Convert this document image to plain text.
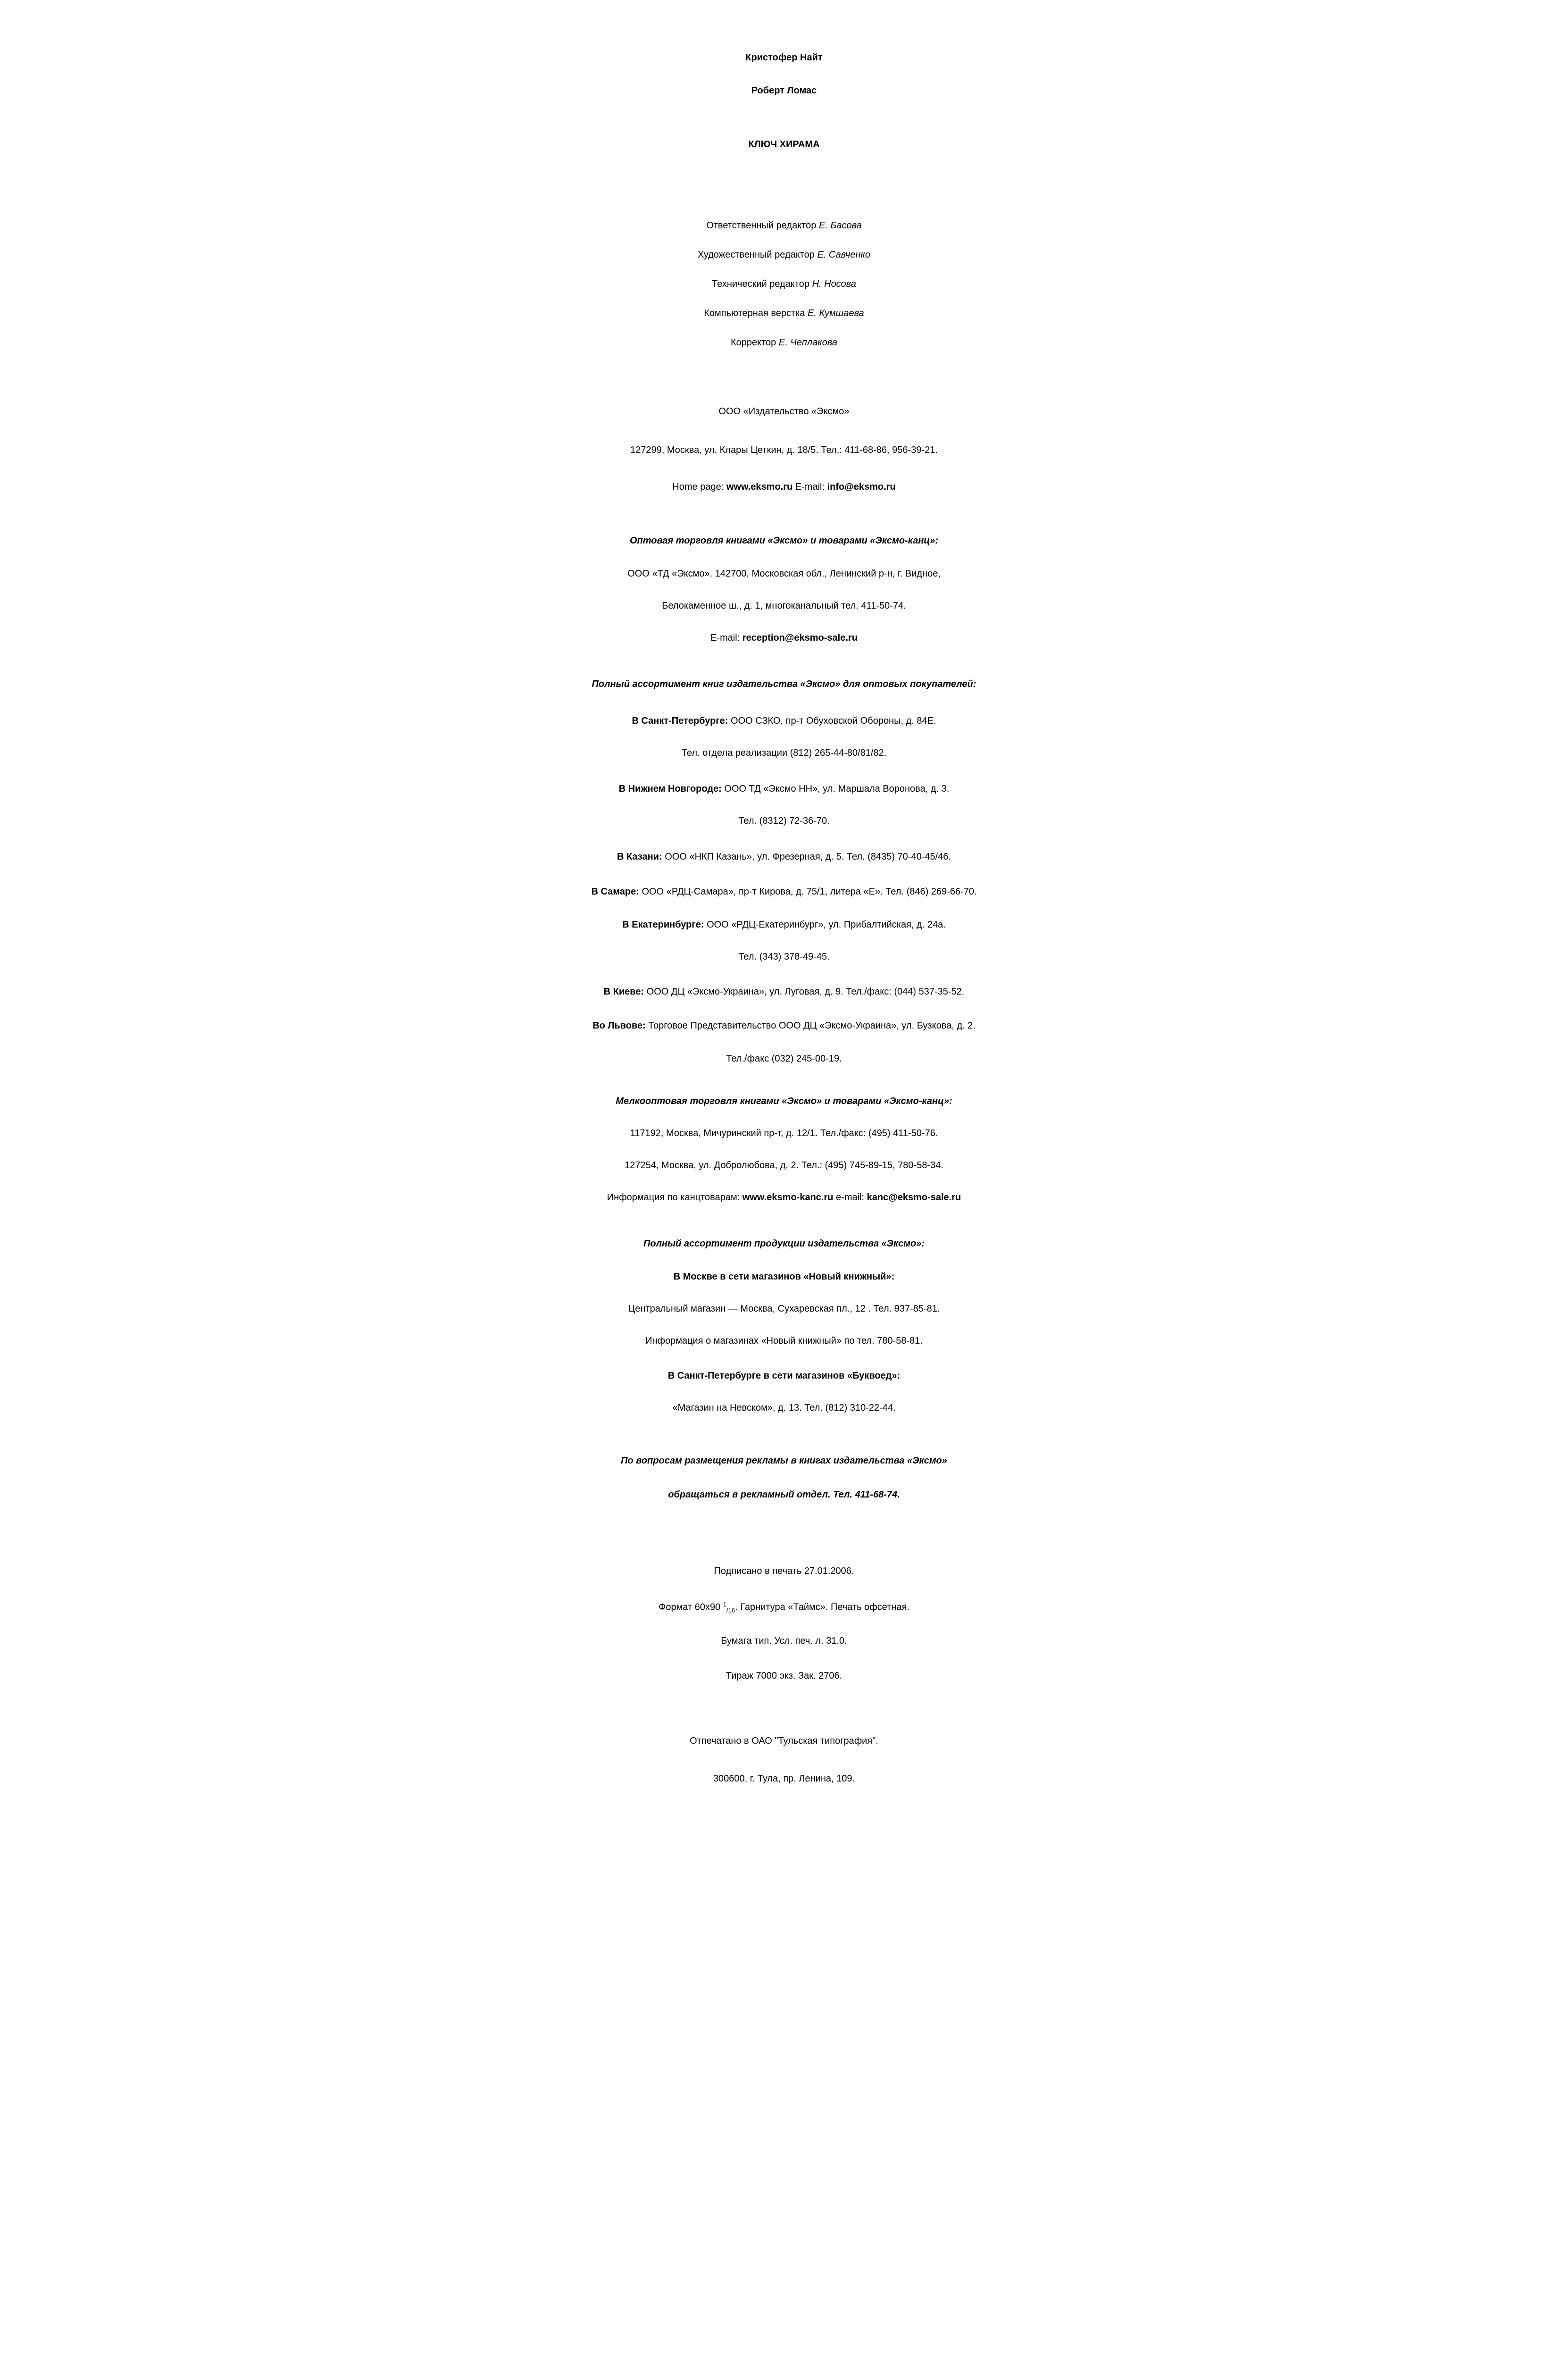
Кристофер Найт
Роберт Ломас
КЛЮЧ ХИРАМА
Ответственный редактор Е. Басова
Художественный редактор Е. Савченко
Технический редактор Н. Носова
Компьютерная верстка Е. Кумшаева
Корректор Е. Чеплакова
ООО «Издательство «Эксмо»
127299, Москва, ул. Клары Цеткин, д. 18/5. Тел.: 411-68-86, 956-39-21.
Home page: www.eksmo.ru E-mail: info@eksmo.ru
Оптовая торговля книгами «Эксмо» и товарами «Эксмо-канц»:
ООО «ТД «Эксмо». 142700, Московская обл., Ленинский р-н, г. Видное,
Белокаменное ш., д. 1, многоканальный тел. 411-50-74.
E-mail: reception@eksmo-sale.ru
Полный ассортимент книг издательства «Эксмо» для оптовых покупателей:
В Санкт-Петербурге: ООО СЗКО, пр-т Обуховской Обороны, д. 84Е.
Тел. отдела реализации (812) 265-44-80/81/82.
В Нижнем Новгороде: ООО ТД «Эксмо НН», ул. Маршала Воронова, д. 3.
Тел. (8312) 72-36-70.
В Казани: ООО «НКП Казань», ул. Фрезерная, д. 5. Тел. (8435) 70-40-45/46.
В Самаре: ООО «РДЦ-Самара», пр-т Кирова, д. 75/1, литера «Е». Тел. (846) 269-66-70.
В Екатеринбурге: ООО «РДЦ-Екатеринбург», ул. Прибалтийская, д. 24а.
Тел. (343) 378-49-45.
В Киеве: ООО ДЦ «Эксмо-Украина», ул. Луговая, д. 9. Тел./факс: (044) 537-35-52.
Во Львове: Торговое Представительство ООО ДЦ «Эксмо-Украина», ул. Бузкова, д. 2.
Тел./факс (032) 245-00-19.
Мелкооптовая торговля книгами «Эксмо» и товарами «Эксмо-канц»:
117192, Москва, Мичуринский пр-т, д. 12/1. Тел./факс: (495) 411-50-76.
127254, Москва, ул. Добролюбова, д. 2. Тел.: (495) 745-89-15, 780-58-34.
Информация по канцтоварам: www.eksmo-kanc.ru e-mail: kanc@eksmo-sale.ru
Полный ассортимент продукции издательства «Эксмо»:
В Москве в сети магазинов «Новый книжный»:
Центральный магазин — Москва, Сухаревская пл., 12 . Тел. 937-85-81.
Информация о магазинах «Новый книжный» по тел. 780-58-81.
В Санкт-Петербурге в сети магазинов «Буквоед»:
«Магазин на Невском», д. 13. Тел. (812) 310-22-44.
По вопросам размещения рекламы в книгах издательства «Эксмо»
обращаться в рекламный отдел. Тел. 411-68-74.
Подписано в печать 27.01.2006.
Формат 60x90 $^1_{/16}$. Гарнитура «Таймс». Печать офсетная.
Бумага тип. Усл. печ. л. 31,0.
Тираж 7000 экз. Зак. 2706.
Отпечатано в ОАО "Тульская типография".
300600, г. Тула, пр. Ленина, 109.
